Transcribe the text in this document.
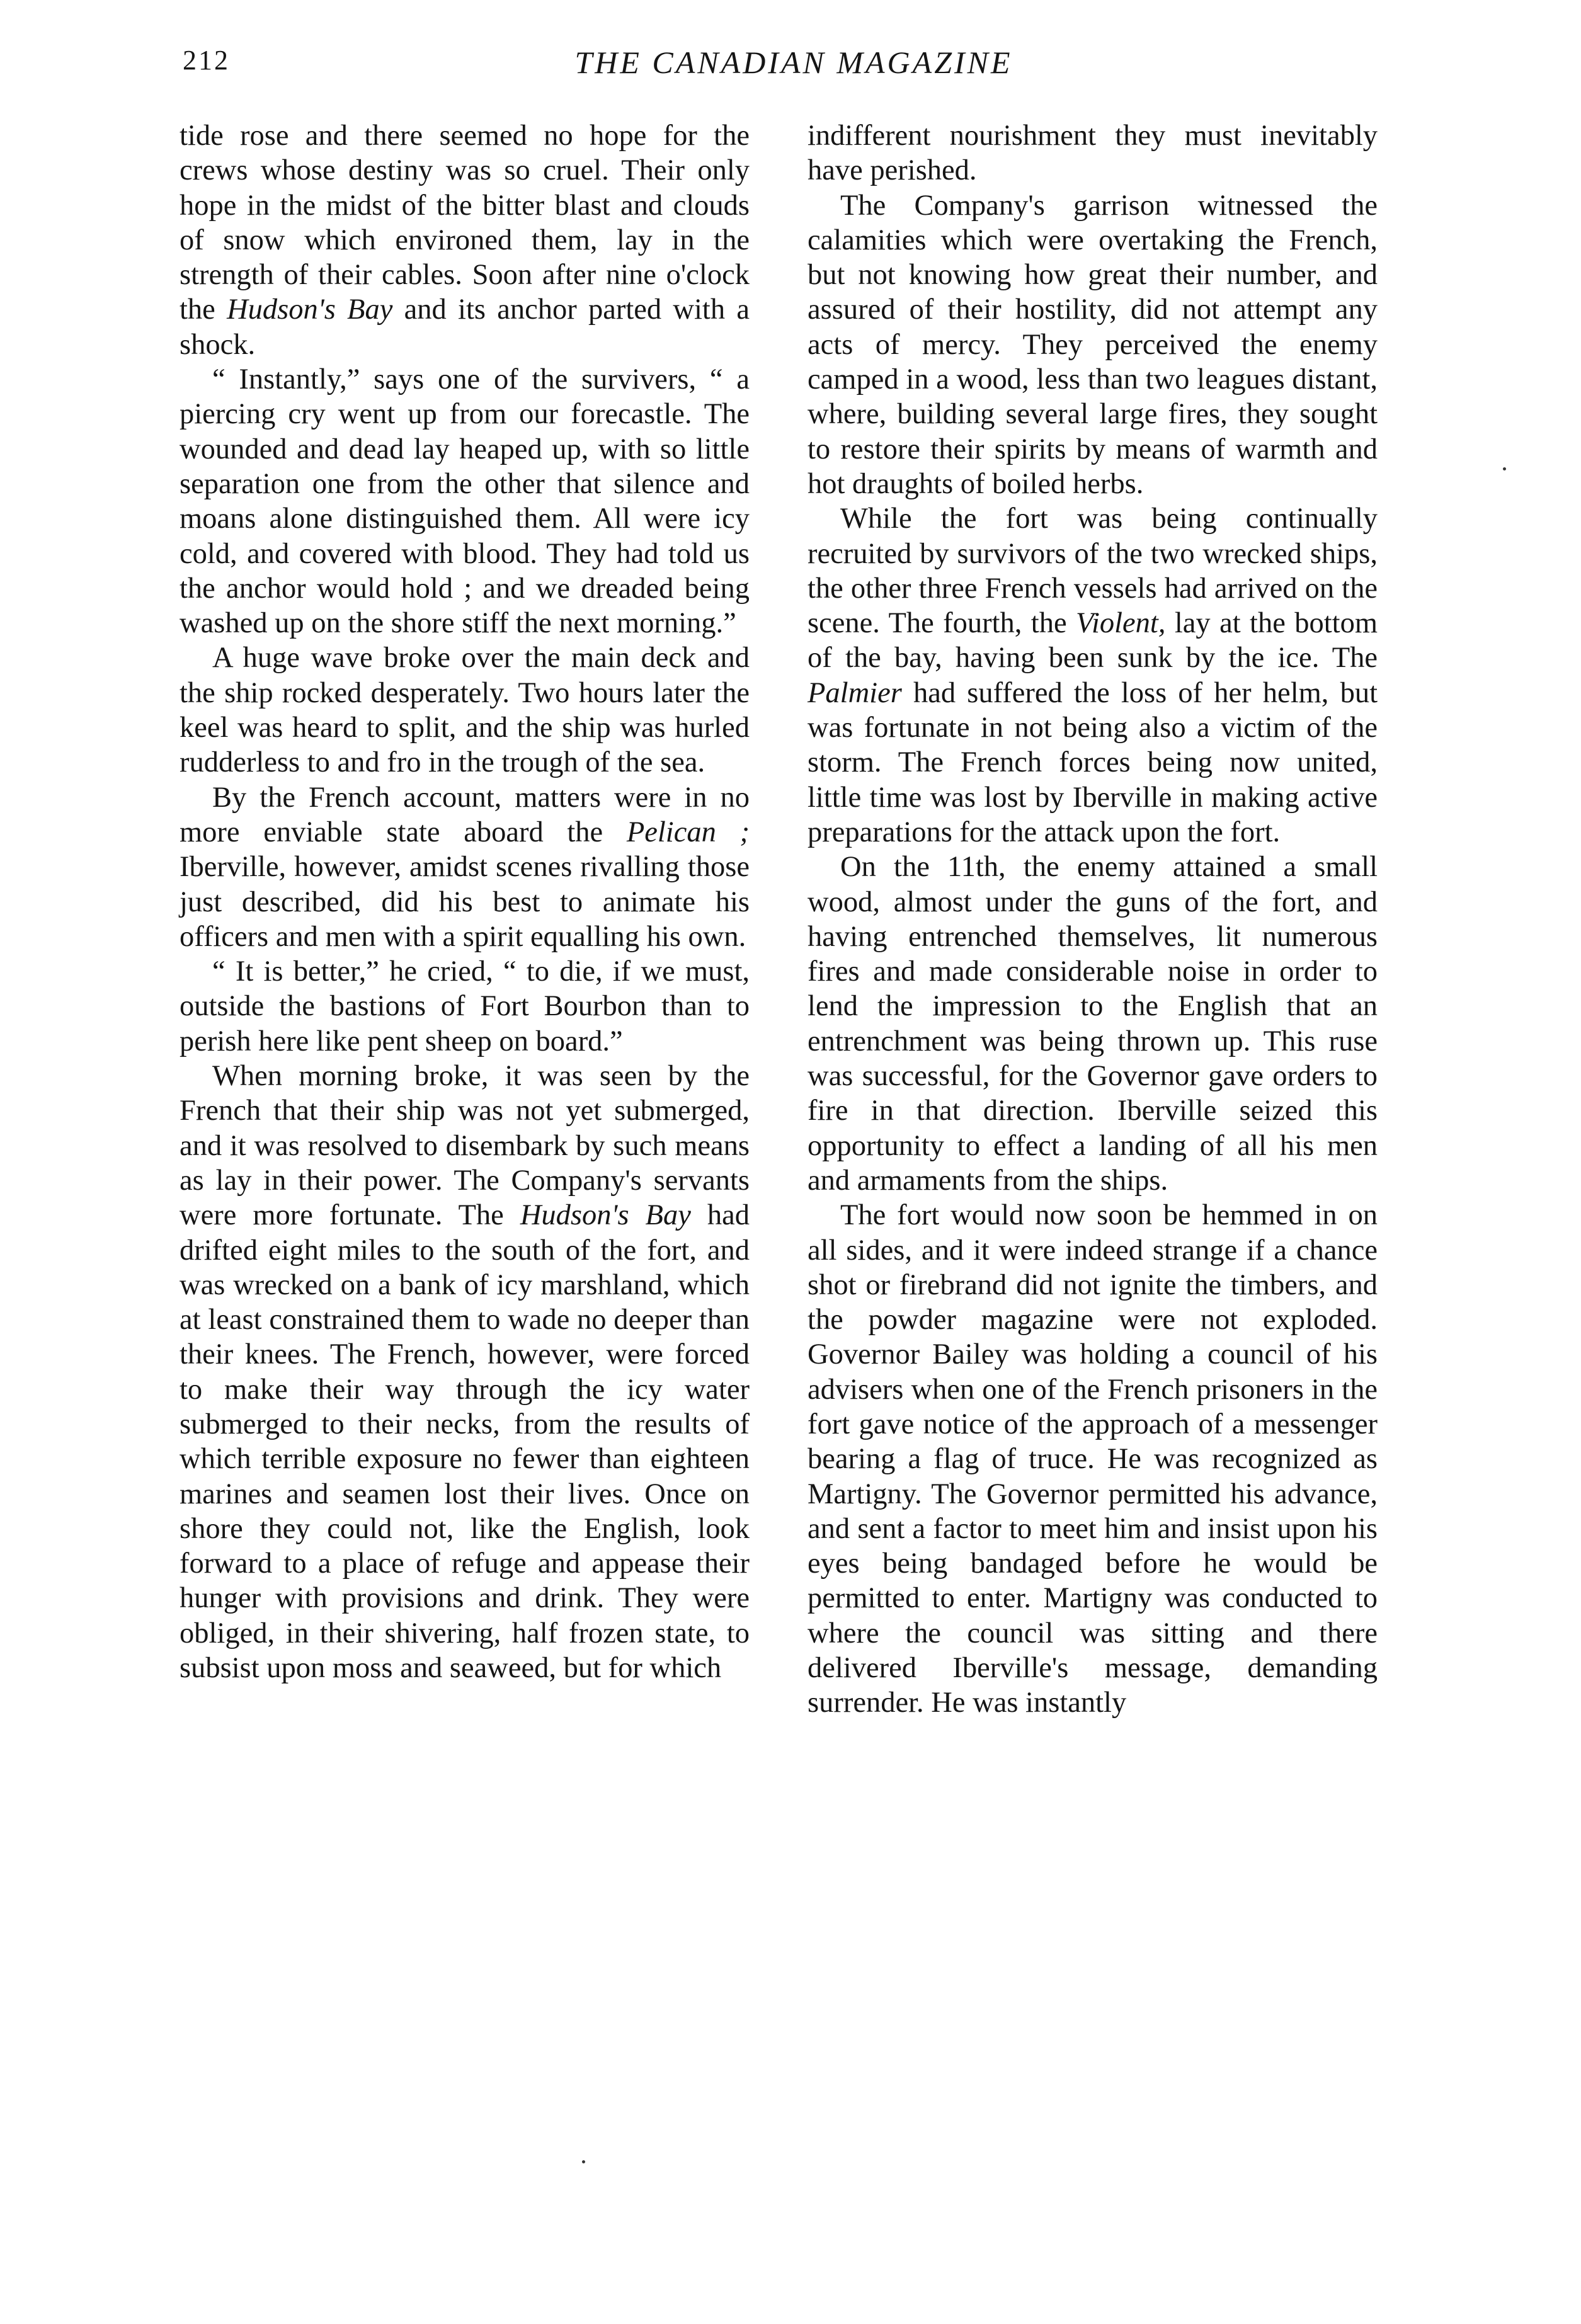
212	THE CANADIAN MAGAZINE

tide rose and there seemed no hope for the crews whose destiny was so cruel. Their only hope in the midst of the bitter blast and clouds of snow which environed them, lay in the strength of their cables. Soon after nine o'clock the Hudson's Bay and its anchor parted with a shock.

“ Instantly,” says one of the survivers, “ a piercing cry went up from our forecastle. The wounded and dead lay heaped up, with so little separation one from the other that silence and moans alone distinguished them. All were icy cold, and covered with blood. They had told us the anchor would hold ; and we dreaded being washed up on the shore stiff the next morning.”

A huge wave broke over the main deck and the ship rocked desperately. Two hours later the keel was heard to split, and the ship was hurled rudderless to and fro in the trough of the sea.

By the French account, matters were in no more enviable state aboard the Pelican ; Iberville, however, amidst scenes rivalling those just described, did his best to animate his officers and men with a spirit equalling his own.

“ It is better,” he cried, “ to die, if we must, outside the bastions of Fort Bourbon than to perish here like pent sheep on board.”

When morning broke, it was seen by the French that their ship was not yet submerged, and it was resolved to disembark by such means as lay in their power. The Company's servants were more fortunate. The Hudson's Bay had drifted eight miles to the south of the fort, and was wrecked on a bank of icy marshland, which at least constrained them to wade no deeper than their knees. The French, however, were forced to make their way through the icy water submerged to their necks, from the results of which terrible exposure no fewer than eighteen marines and seamen lost their lives. Once on shore they could not, like the English, look forward to a place of refuge and appease their hunger with provisions and drink. They were obliged, in their shivering, half frozen state, to subsist upon moss and seaweed, but for which

indifferent nourishment they must inevitably have perished.

The Company's garrison witnessed the calamities which were overtaking the French, but not knowing how great their number, and assured of their hostility, did not attempt any acts of mercy. They perceived the enemy camped in a wood, less than two leagues distant, where, building several large fires, they sought to restore their spirits by means of warmth and hot draughts of boiled herbs.

While the fort was being continually recruited by survivors of the two wrecked ships, the other three French vessels had arrived on the scene. The fourth, the Violent, lay at the bottom of the bay, having been sunk by the ice. The Palmier had suffered the loss of her helm, but was fortunate in not being also a victim of the storm. The French forces being now united, little time was lost by Iberville in making active preparations for the attack upon the fort.

On the 11th, the enemy attained a small wood, almost under the guns of the fort, and having entrenched themselves, lit numerous fires and made considerable noise in order to lend the impression to the English that an entrenchment was being thrown up. This ruse was successful, for the Governor gave orders to fire in that direction. Iberville seized this opportunity to effect a landing of all his men and armaments from the ships.

The fort would now soon be hemmed in on all sides, and it were indeed strange if a chance shot or firebrand did not ignite the timbers, and the powder magazine were not exploded. Governor Bailey was holding a council of his advisers when one of the French prisoners in the fort gave notice of the approach of a messenger bearing a flag of truce. He was recognized as Martigny. The Governor permitted his advance, and sent a factor to meet him and insist upon his eyes being bandaged before he would be permitted to enter. Martigny was conducted to where the council was sitting and there delivered Iberville's message, demanding surrender. He was instantly
